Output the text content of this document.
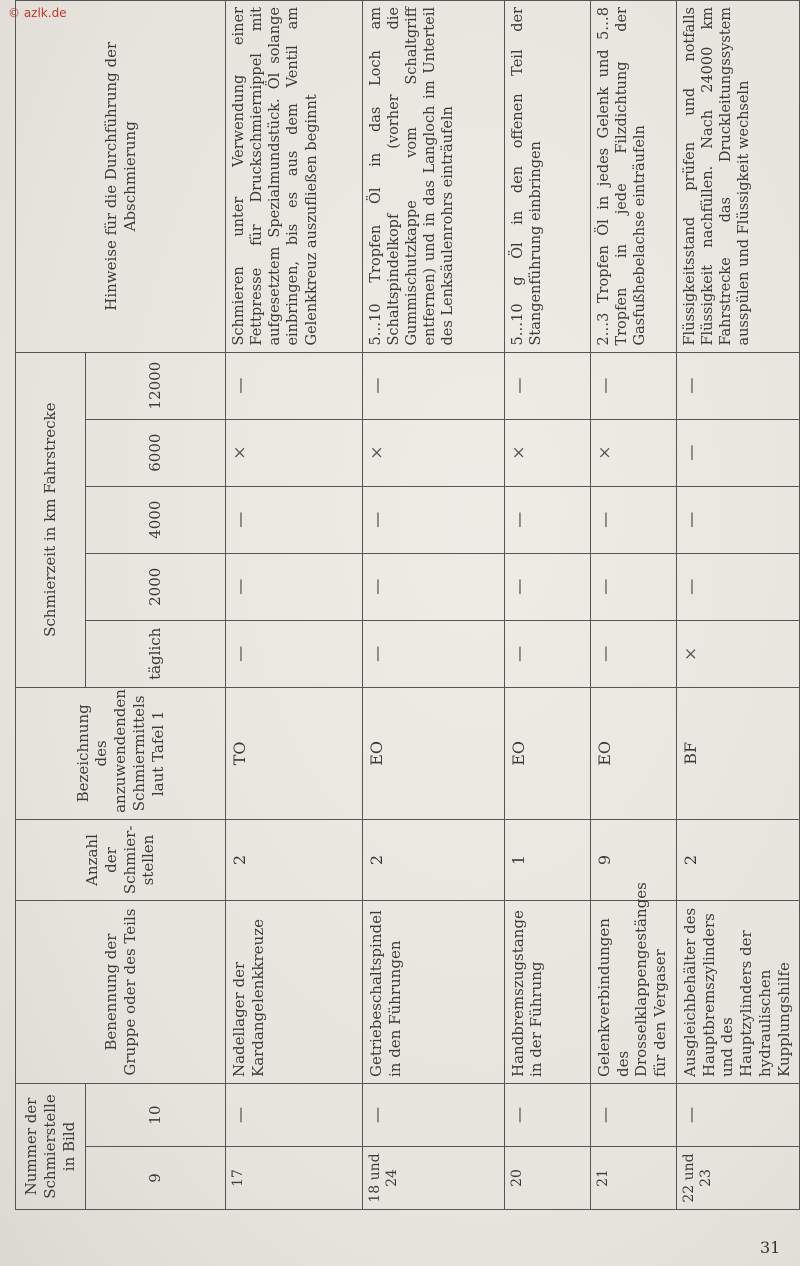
© azlk.de
Nummer der Schmierstelle in Bild		Benennung der Gruppe oder des Teils	Anzahl der Schmier-stellen	Bezeichnung des anzuwendenden Schmiermittels laut Tafel 1	Schmierzeit in km Fahrstrecke					Hinweise für die Durchführung der Abschmierung
9	10				täglich	2000	4000	6000	12000	
17	—	Nadellager der Kardangelenkkreuze	2	TO	—	—	—	×	—	Schmieren unter Verwendung einer Fettpresse für Druckschmiernippel mit aufgesetztem Spezialmundstück. Öl solange einbringen, bis es aus dem Ventil am Gelenkkreuz auszufließen beginnt
18 und 24	—	Getriebeschaltspindel in den Führungen	2	EO	—	—	—	×	—	5…10 Tropfen Öl in das Loch am Schaltspindelkopf (vorher die Gummischutzkappe vom Schaltgriff entfernen) und in das Langloch im Unterteil des Lenksäulenrohrs einträufeln
20	—	Handbremszugstange in der Führung	1	EO	—	—	—	×	—	5…10 g Öl in den offenen Teil der Stangenführung einbringen
21	—	Gelenkverbindungen des Drosselklappengestänges für den Vergaser	9	EO	—	—	—	×	—	2…3 Tropfen Öl in jedes Gelenk und 5…8 Tropfen in jede Filzdichtung der Gasfußhebelachse einträufeln
22 und 23	—	Ausgleichbehälter des Hauptbremszylinders und des Hauptzylinders der hydraulischen Kupplungshilfe	2	BF	×	—	—	—	—	Flüssigkeitsstand prüfen und notfalls Flüssigkeit nachfüllen. Nach 24000 km Fahrstrecke das Druckleitungssystem ausspülen und Flüssigkeit wechseln
31
